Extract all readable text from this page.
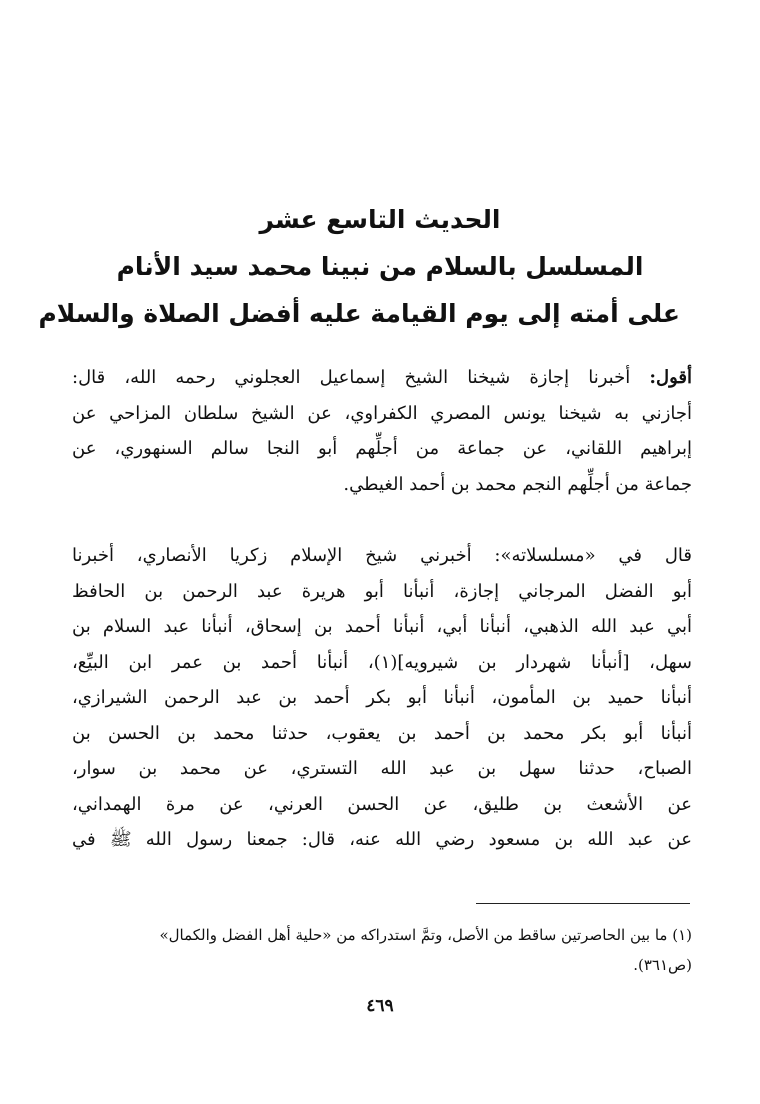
الحديث التاسع عشر
المسلسل بالسلام من نبينا محمد سيد الأنام
على أمته إلى يوم القيامة عليه أفضل الصلاة والسلام
أقول: أخبرنا إجازة شيخنا الشيخ إسماعيل العجلوني رحمه الله، قال:
أجازني به شيخنا يونس المصري الكفراوي، عن الشيخ سلطان المزاحي عن
إبراهيم اللقاني، عن جماعة من أجلِّهم أبو النجا سالم السنهوري، عن
جماعة من أجلِّهم النجم محمد بن أحمد الغيطي.
قال في «مسلسلاته»: أخبرني شيخ الإسلام زكريا الأنصاري، أخبرنا
أبو الفضل المرجاني إجازة، أنبأنا أبو هريرة عبد الرحمن بن الحافظ
أبي عبد الله الذهبي، أنبأنا أبي، أنبأنا أحمد بن إسحاق، أنبأنا عبد السلام بن
سهل، [أنبأنا شهردار بن شيرويه](١)، أنبأنا أحمد بن عمر ابن البيِّع،
أنبأنا حميد بن المأمون، أنبأنا أبو بكر أحمد بن عبد الرحمن الشيرازي،
أنبأنا أبو بكر محمد بن أحمد بن يعقوب، حدثنا محمد بن الحسن بن
الصباح، حدثنا سهل بن عبد الله التستري، عن محمد بن سوار،
عن الأشعث بن طليق، عن الحسن العرني، عن مرة الهمداني،
عن عبد الله بن مسعود رضي الله عنه، قال: جمعنا رسول الله ﷺ في
(١) ما بين الحاصرتين ساقط من الأصل، وتمَّ استدراكه من «حلية أهل الفضل والكمال»
(ص٣٦١).
٤٦٩
